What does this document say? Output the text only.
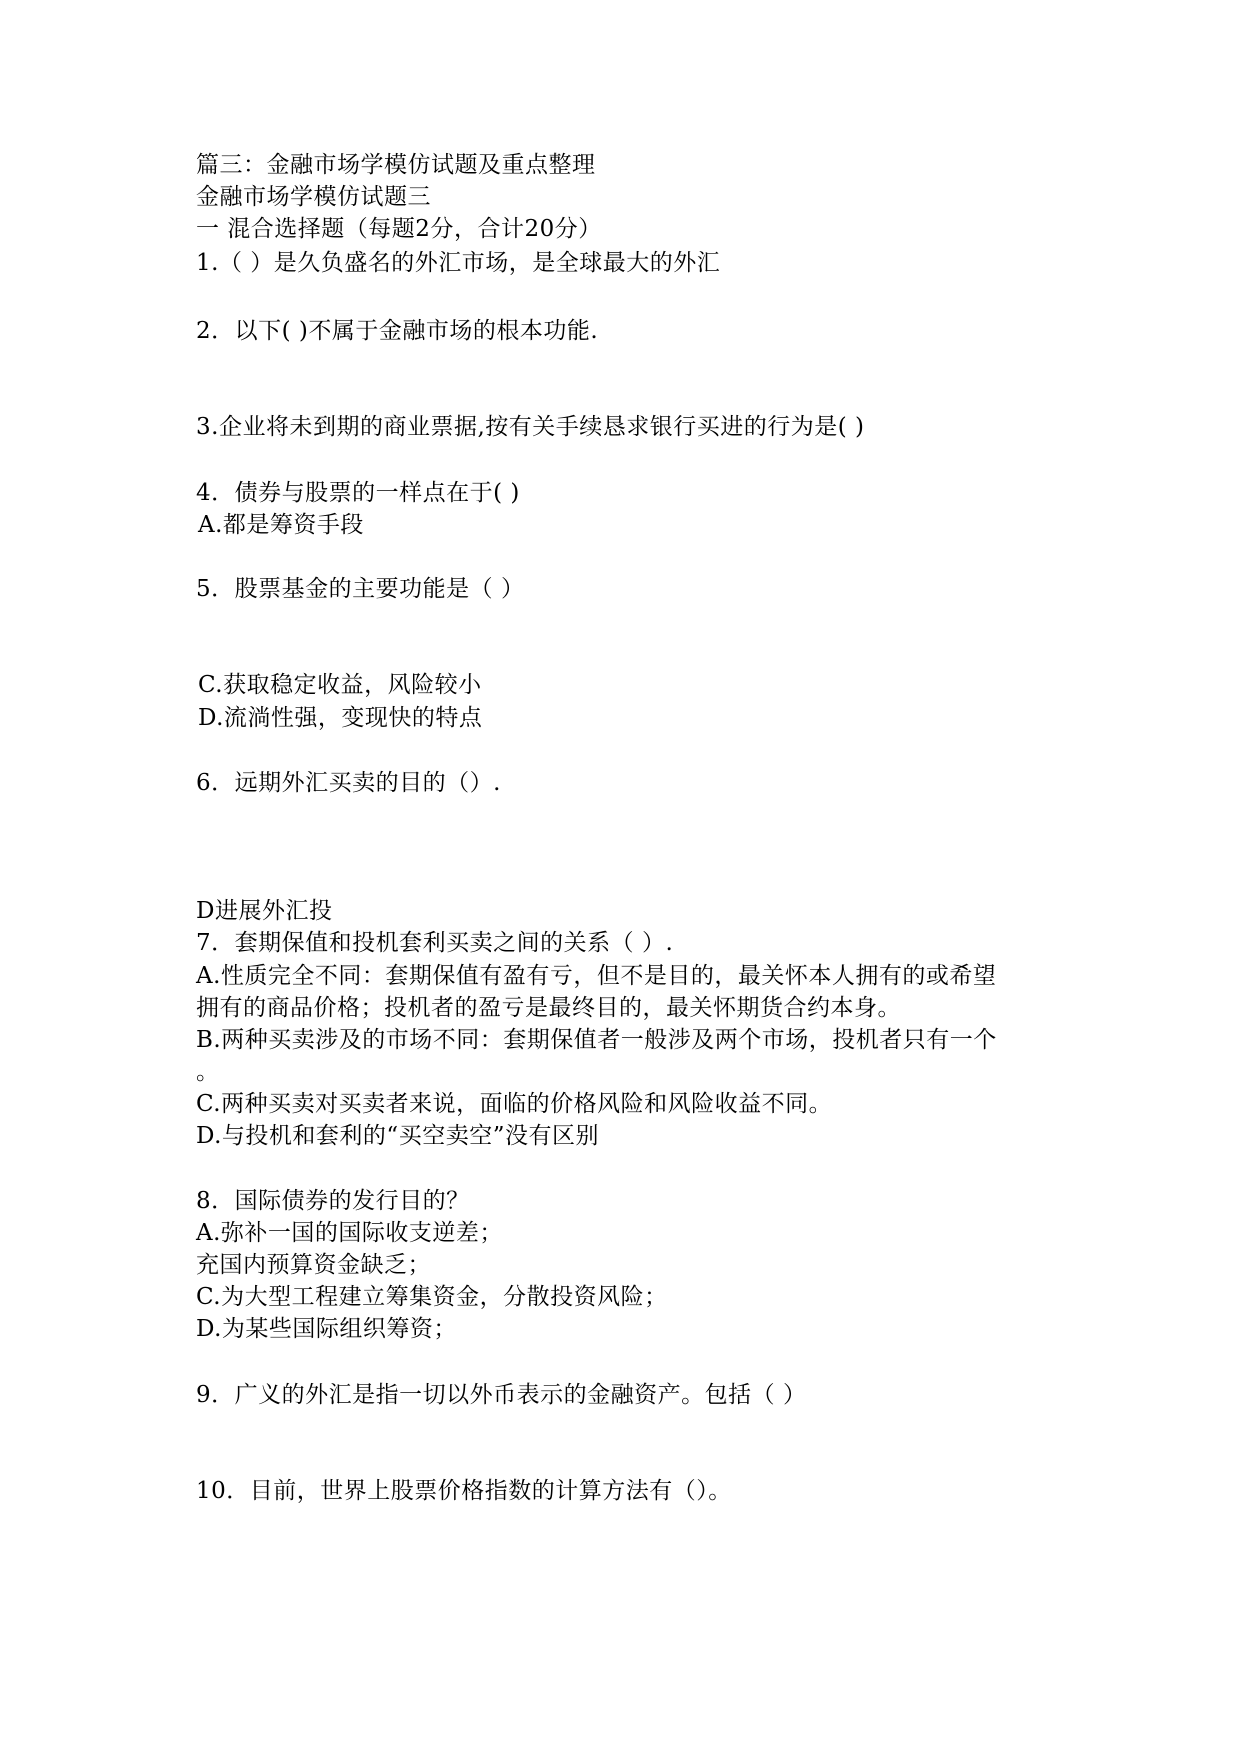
篇三：金融市场学模仿试题及重点整理
金融市场学模仿试题三
一 混合选择题（每题2分，合计20分）
1.（ ）是久负盛名的外汇市场，是全球最大的外汇
2．以下( )不属于金融市场的根本功能.
3.企业将未到期的商业票据,按有关手续恳求银行买进的行为是( )
4．债券与股票的一样点在于( )
A.都是筹资手段
5．股票基金的主要功能是（ ）
C.获取稳定收益，风险较小
D.流淌性强，变现快的特点
6．远期外汇买卖的目的（）.
D进展外汇投
7．套期保值和投机套利买卖之间的关系（ ）.
A.性质完全不同：套期保值有盈有亏，但不是目的，最关怀本人拥有的或希望
拥有的商品价格；投机者的盈亏是最终目的，最关怀期货合约本身。
B.两种买卖涉及的市场不同：套期保值者一般涉及两个市场，投机者只有一个
。
C.两种买卖对买卖者来说，面临的价格风险和风险收益不同。
D.与投机和套利的“买空卖空”没有区别
8．国际债券的发行目的？
A.弥补一国的国际收支逆差；
充国内预算资金缺乏；
C.为大型工程建立筹集资金，分散投资风险；
D.为某些国际组织筹资；
9．广义的外汇是指一切以外币表示的金融资产。包括（ ）
10．目前，世界上股票价格指数的计算方法有（）。
